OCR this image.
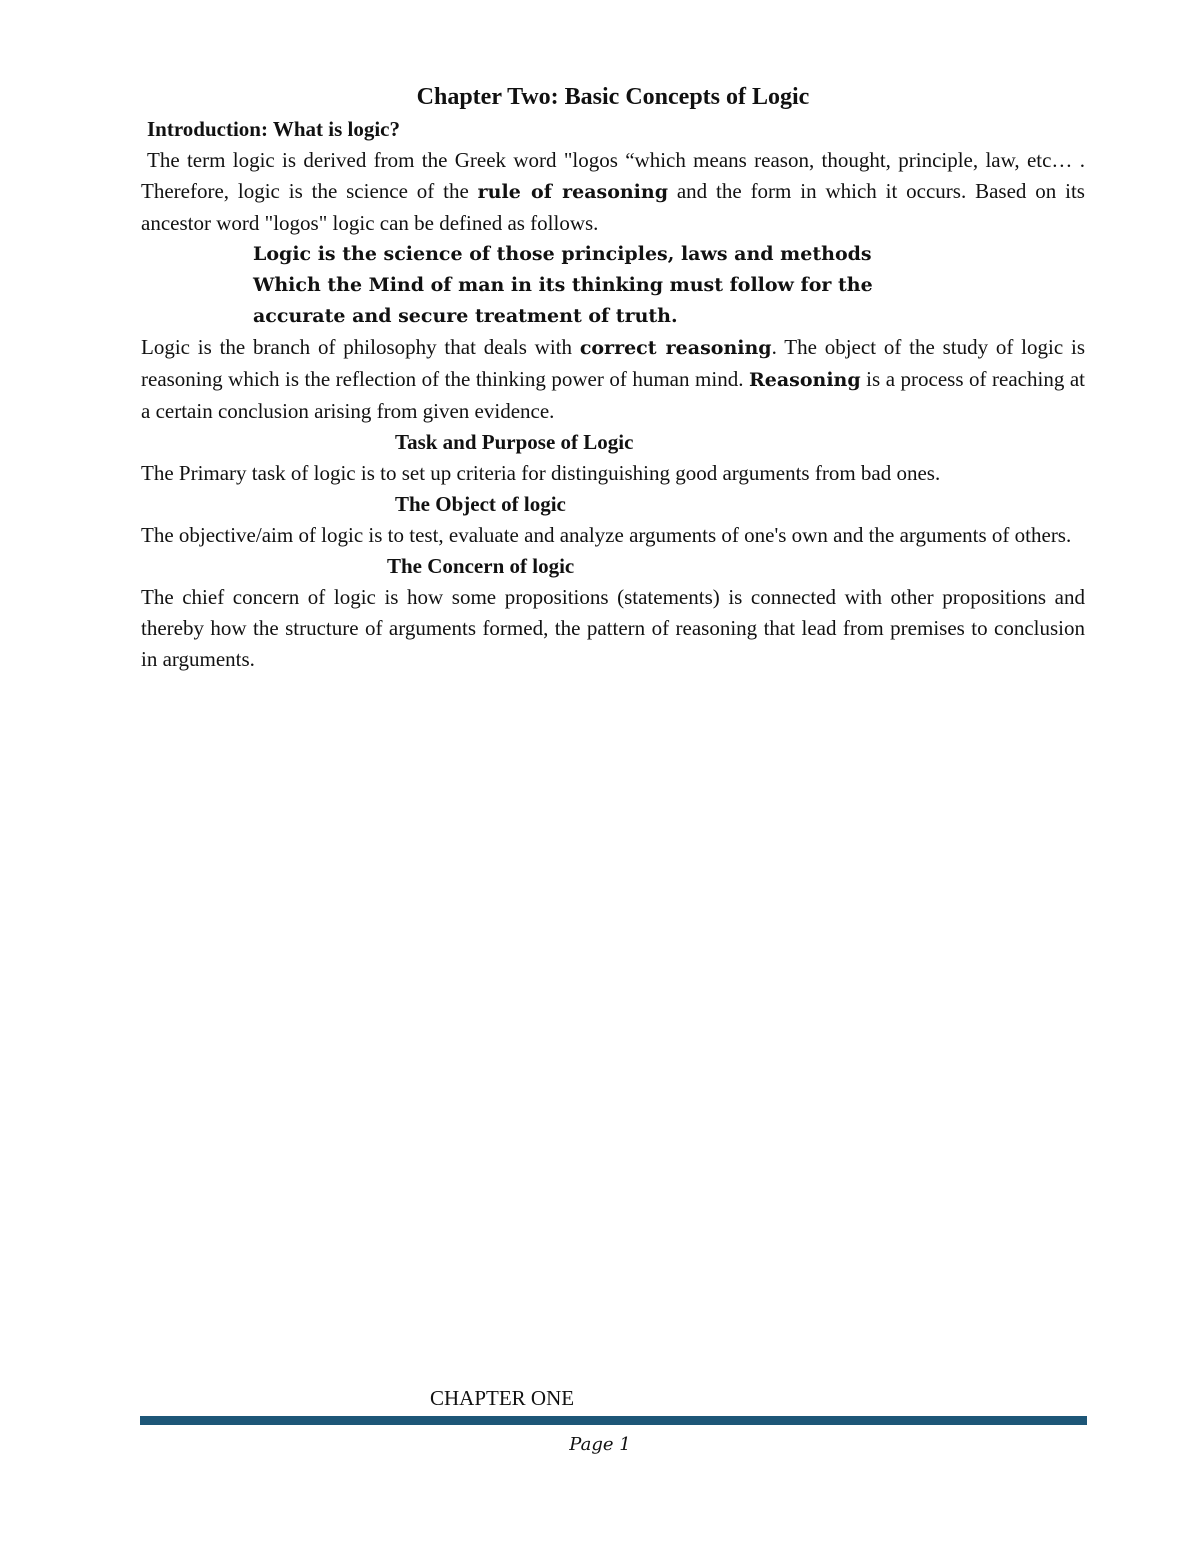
Chapter Two: Basic Concepts of Logic
Introduction: What is logic?

The term logic is derived from the Greek word "logos “which means reason, thought, principle, law, etc… . Therefore, logic is the science of the rule of reasoning and the form in which it occurs. Based on its ancestor word "logos" logic can be defined as follows.

Logic is the science of those principles, laws and methods
Which the Mind of man in its thinking must follow for the
accurate and secure treatment of truth.

Logic is the branch of philosophy that deals with correct reasoning. The object of the study of logic is reasoning which is the reflection of the thinking power of human mind. Reasoning is a process of reaching at a certain conclusion arising from given evidence.

Task and Purpose of Logic

The Primary task of logic is to set up criteria for distinguishing good arguments from bad ones.

The Object of logic

The objective/aim of logic is to test, evaluate and analyze arguments of one's own and the arguments of others.

The Concern of logic

The chief concern of logic is how some propositions (statements) is connected with other propositions and thereby how the structure of arguments formed, the pattern of reasoning that lead from premises to conclusion in arguments.

CHAPTER ONE
Page 1
